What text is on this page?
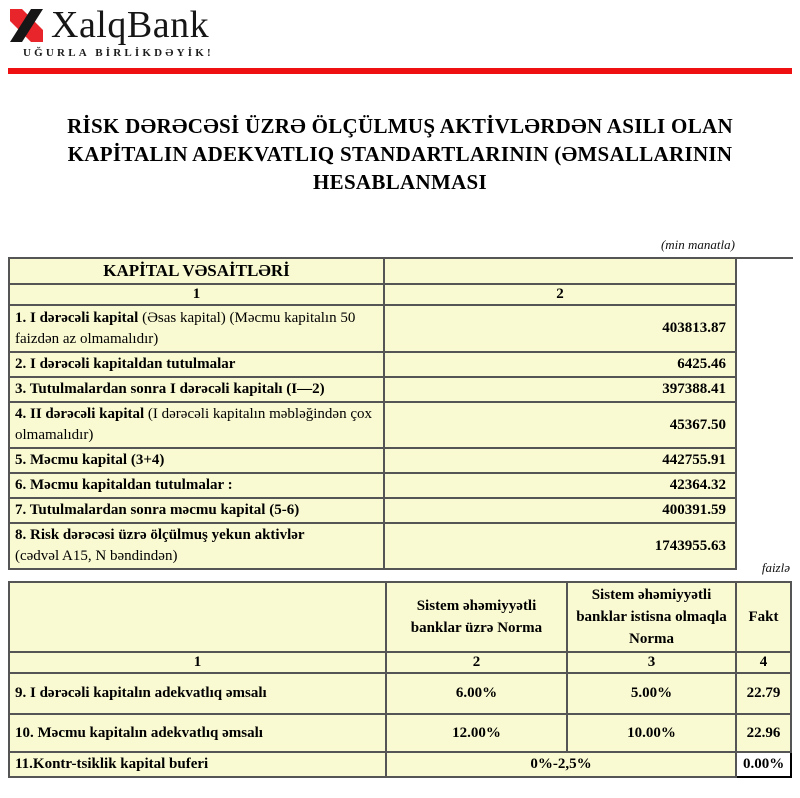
XalqBank
UĞURLA BİRLİKDƏYİK!
RİSK DƏRƏCƏSİ ÜZRƏ ÖLÇÜLMUŞ AKTİVLƏRDƏN ASILI OLAN
KAPİTALIN ADEKVATLIQ STANDARTLARININ (ƏMSALLARININ
HESABLANMASI
(min manatla)
KAPİTAL VƏSAİTLƏRİ	
1	2
1. I dərəcəli kapital (Əsas kapital) (Məcmu kapitalın 50 faizdən az olmamalıdır)	403813.87
2. I dərəcəli kapitaldan tutulmalar	6425.46
3. Tutulmalardan sonra I dərəcəli kapitalı (I—2)	397388.41
4. II dərəcəli kapital (I dərəcəli kapitalın məbləğindən çox olmamalıdır)	45367.50
5. Məcmu kapital (3+4)	442755.91
6. Məcmu kapitaldan tutulmalar :	42364.32
7. Tutulmalardan sonra məcmu kapital (5-6)	400391.59
8. Risk dərəcəsi üzrə ölçülmuş yekun aktivlər
(cədvəl A15, N bəndindən)	1743955.63
faizlə
	Sistem əhəmiyyətli banklar üzrə Norma	Sistem əhəmiyyətli banklar istisna olmaqla Norma	Fakt
1	2	3	4
9. I dərəcəli kapitalın adekvatlıq əmsalı	6.00%	5.00%	22.79
10. Məcmu kapitalın adekvatlıq əmsalı	12.00%	10.00%	22.96
11.Kontr-tsiklik kapital buferi	0%-2,5%		0.00%
